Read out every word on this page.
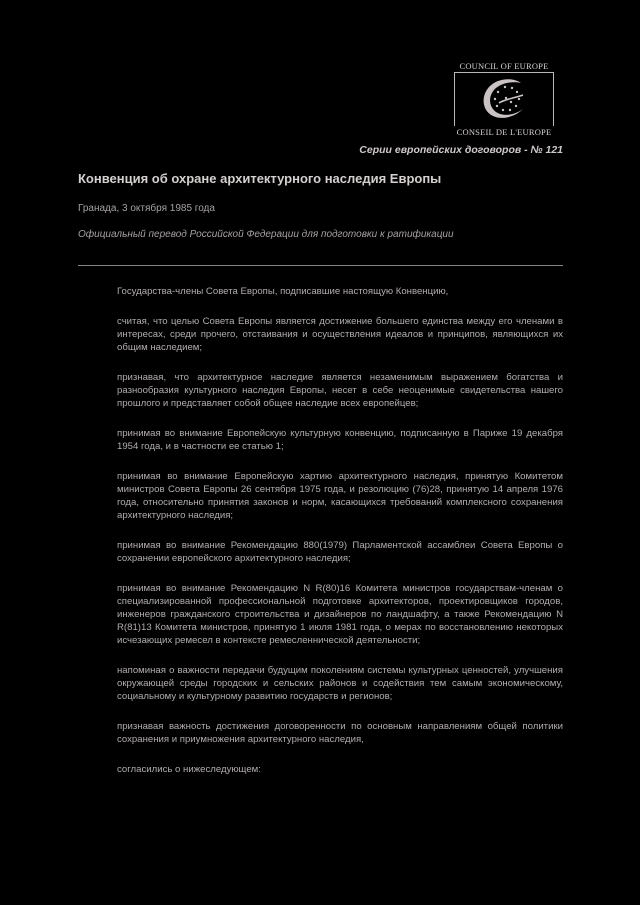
COUNCIL OF EUROPE
CONSEIL DE L'EUROPE
Серии европейских договоров - № 121
Конвенция об охране архитектурного наследия Европы
Гранада, 3 октября 1985 года
Официальный перевод Российской Федерации для подготовки к ратификации

Государства-члены Совета Европы, подписавшие настоящую Конвенцию,

считая, что целью Совета Европы является достижение большего единства между его членами в интересах, среди прочего, отстаивания и осуществления идеалов и принципов, являющихся их общим наследием;

признавая, что архитектурное наследие является незаменимым выражением богатства и разнообразия культурного наследия Европы, несет в себе неоценимые свидетельства нашего прошлого и представляет собой общее наследие всех европейцев;

принимая во внимание Европейскую культурную конвенцию, подписанную в Париже 19 декабря 1954 года, и в частности ее статью 1;

принимая во внимание Европейскую хартию архитектурного наследия, принятую Комитетом министров Совета Европы 26 сентября 1975 года, и резолюцию (76)28, принятую 14 апреля 1976 года, относительно принятия законов и норм, касающихся требований комплексного сохранения архитектурного наследия;

принимая во внимание Рекомендацию 880(1979) Парламентской ассамблеи Совета Европы о сохранении европейского архитектурного наследия;

принимая во внимание Рекомендацию N R(80)16 Комитета министров государствам-членам о специализированной профессиональной подготовке архитекторов, проектировщиков городов, инженеров гражданского строительства и дизайнеров по ландшафту, а также Рекомендацию N R(81)13 Комитета министров, принятую 1 июля 1981 года, о мерах по восстановлению некоторых исчезающих ремесел в контексте ремесленнической деятельности;

напоминая о важности передачи будущим поколениям системы культурных ценностей, улучшения окружающей среды городских и сельских районов и содействия тем самым экономическому, социальному и культурному развитию государств и регионов;

признавая важность достижения договоренности по основным направлениям общей политики сохранения и приумножения архитектурного наследия,

согласились о нижеследующем:
